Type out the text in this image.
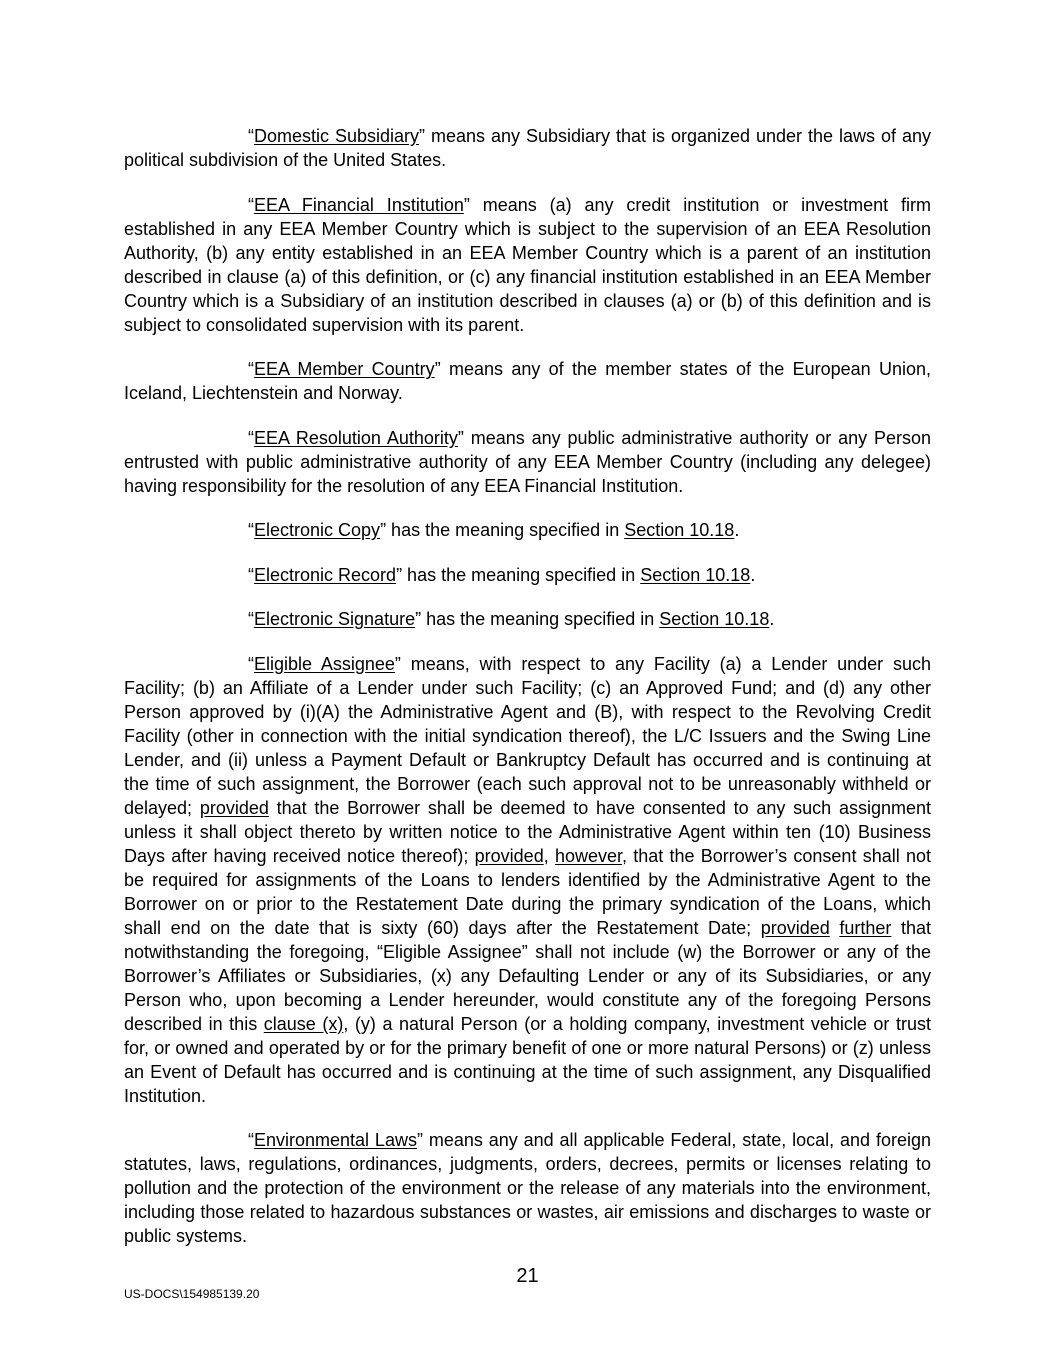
“Domestic Subsidiary” means any Subsidiary that is organized under the laws of any political subdivision of the United States.

“EEA Financial Institution” means (a) any credit institution or investment firm established in any EEA Member Country which is subject to the supervision of an EEA Resolution Authority, (b) any entity established in an EEA Member Country which is a parent of an institution described in clause (a) of this definition, or (c) any financial institution established in an EEA Member Country which is a Subsidiary of an institution described in clauses (a) or (b) of this definition and is subject to consolidated supervision with its parent.

“EEA Member Country” means any of the member states of the European Union, Iceland, Liechtenstein and Norway.

“EEA Resolution Authority” means any public administrative authority or any Person entrusted with public administrative authority of any EEA Member Country (including any delegee) having responsibility for the resolution of any EEA Financial Institution.

“Electronic Copy” has the meaning specified in Section 10.18.

“Electronic Record” has the meaning specified in Section 10.18.

“Electronic Signature” has the meaning specified in Section 10.18.

“Eligible Assignee” means, with respect to any Facility (a) a Lender under such Facility; (b) an Affiliate of a Lender under such Facility; (c) an Approved Fund; and (d) any other Person approved by (i)(A) the Administrative Agent and (B), with respect to the Revolving Credit Facility (other in connection with the initial syndication thereof), the L/C Issuers and the Swing Line Lender, and (ii) unless a Payment Default or Bankruptcy Default has occurred and is continuing at the time of such assignment, the Borrower (each such approval not to be unreasonably withheld or delayed; provided that the Borrower shall be deemed to have consented to any such assignment unless it shall object thereto by written notice to the Administrative Agent within ten (10) Business Days after having received notice thereof); provided, however, that the Borrower’s consent shall not be required for assignments of the Loans to lenders identified by the Administrative Agent to the Borrower on or prior to the Restatement Date during the primary syndication of the Loans, which shall end on the date that is sixty (60) days after the Restatement Date; provided further that notwithstanding the foregoing, “Eligible Assignee” shall not include (w) the Borrower or any of the Borrower’s Affiliates or Subsidiaries, (x) any Defaulting Lender or any of its Subsidiaries, or any Person who, upon becoming a Lender hereunder, would constitute any of the foregoing Persons described in this clause (x), (y) a natural Person (or a holding company, investment vehicle or trust for, or owned and operated by or for the primary benefit of one or more natural Persons) or (z) unless an Event of Default has occurred and is continuing at the time of such assignment, any Disqualified Institution.

“Environmental Laws” means any and all applicable Federal, state, local, and foreign statutes, laws, regulations, ordinances, judgments, orders, decrees, permits or licenses relating to pollution and the protection of the environment or the release of any materials into the environment, including those related to hazardous substances or wastes, air emissions and discharges to waste or public systems.

21
US-DOCS\154985139.20
